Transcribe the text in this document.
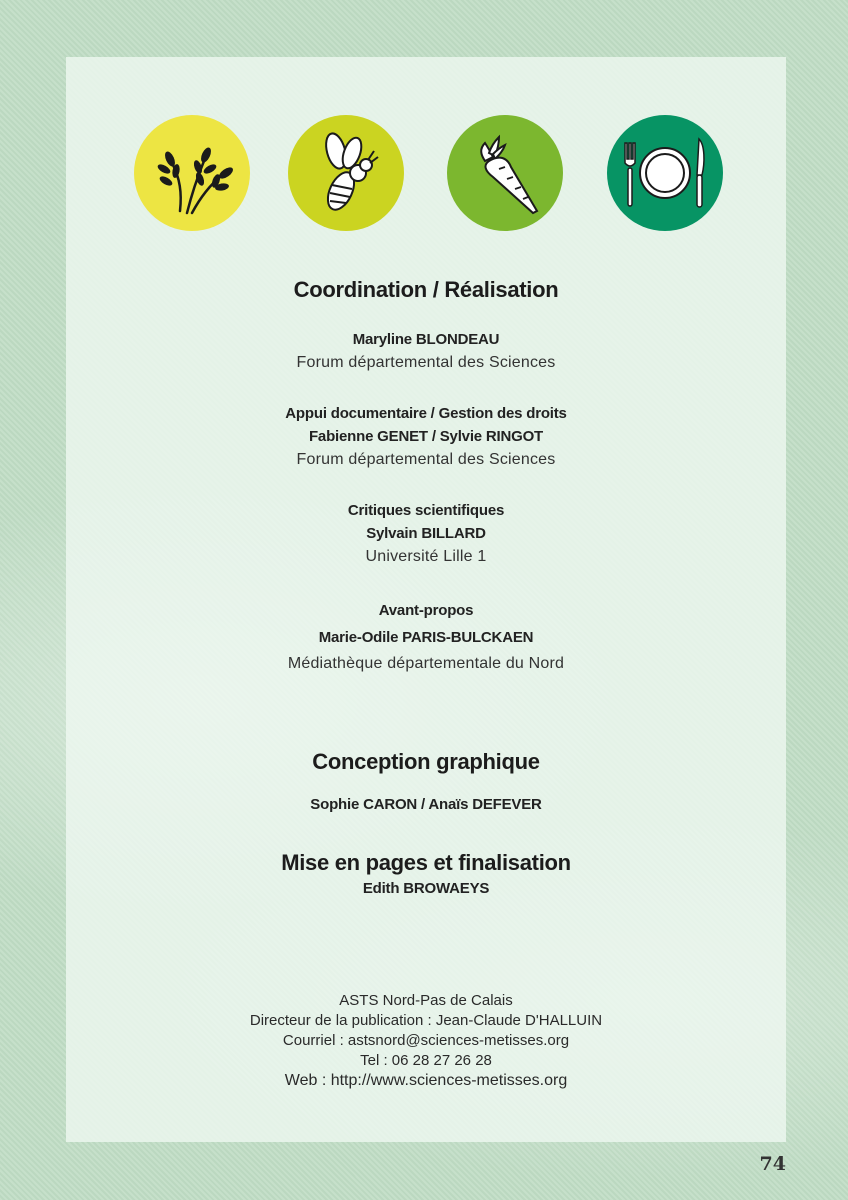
Coordination / Réalisation
Maryline BLONDEAU
Forum départemental des Sciences
Appui documentaire / Gestion des droits
Fabienne GENET / Sylvie RINGOT
Forum départemental des Sciences
Critiques scientifiques
Sylvain BILLARD
Université Lille 1
Avant-propos
Marie-Odile PARIS-BULCKAEN
Médiathèque départementale du Nord
Conception graphique
Sophie CARON / Anaïs DEFEVER
Mise en pages et finalisation
Edith BROWAEYS
ASTS Nord-Pas de Calais
Directeur de la publication : Jean-Claude D'HALLUIN
Courriel : astsnord@sciences-metisses.org
Tel : 06 28 27 26 28
Web : http://www.sciences-metisses.org
74
